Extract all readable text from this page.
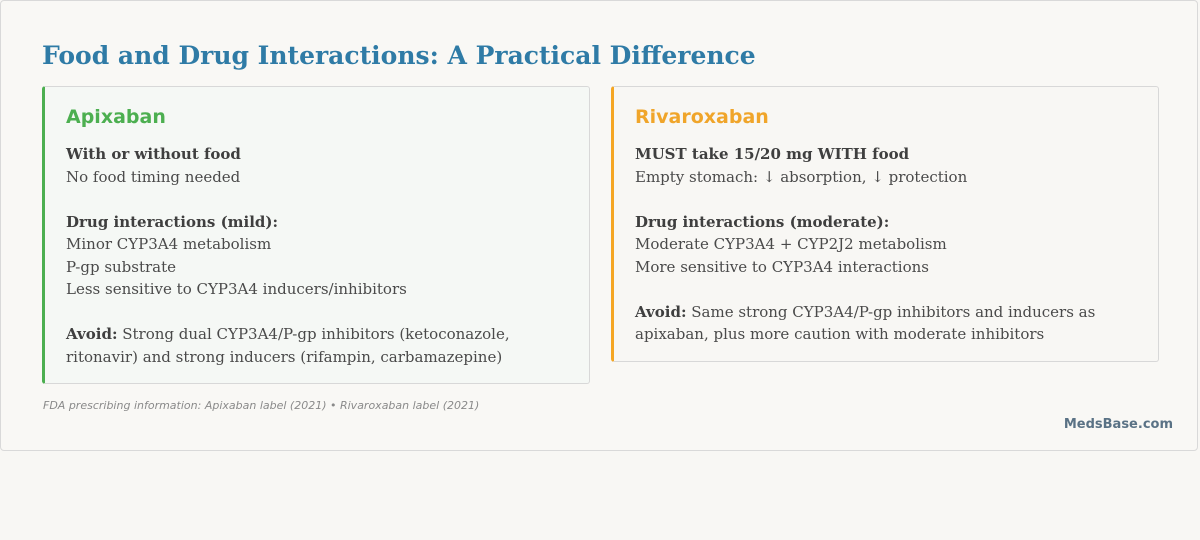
Food and Drug Interactions: A Practical Difference
Apixaban
With or without food
No food timing needed
Drug interactions (mild):
Minor CYP3A4 metabolism
P-gp substrate
Less sensitive to CYP3A4 inducers/inhibitors
Avoid: Strong dual CYP3A4/P-gp inhibitors (ketoconazole, ritonavir) and strong inducers (rifampin, carbamazepine)
Rivaroxaban
MUST take 15/20 mg WITH food
Empty stomach: ↓ absorption, ↓ protection
Drug interactions (moderate):
Moderate CYP3A4 + CYP2J2 metabolism
More sensitive to CYP3A4 interactions
Avoid: Same strong CYP3A4/P-gp inhibitors and inducers as apixaban, plus more caution with moderate inhibitors
FDA prescribing information: Apixaban label (2021) • Rivaroxaban label (2021)
MedsBase.com
